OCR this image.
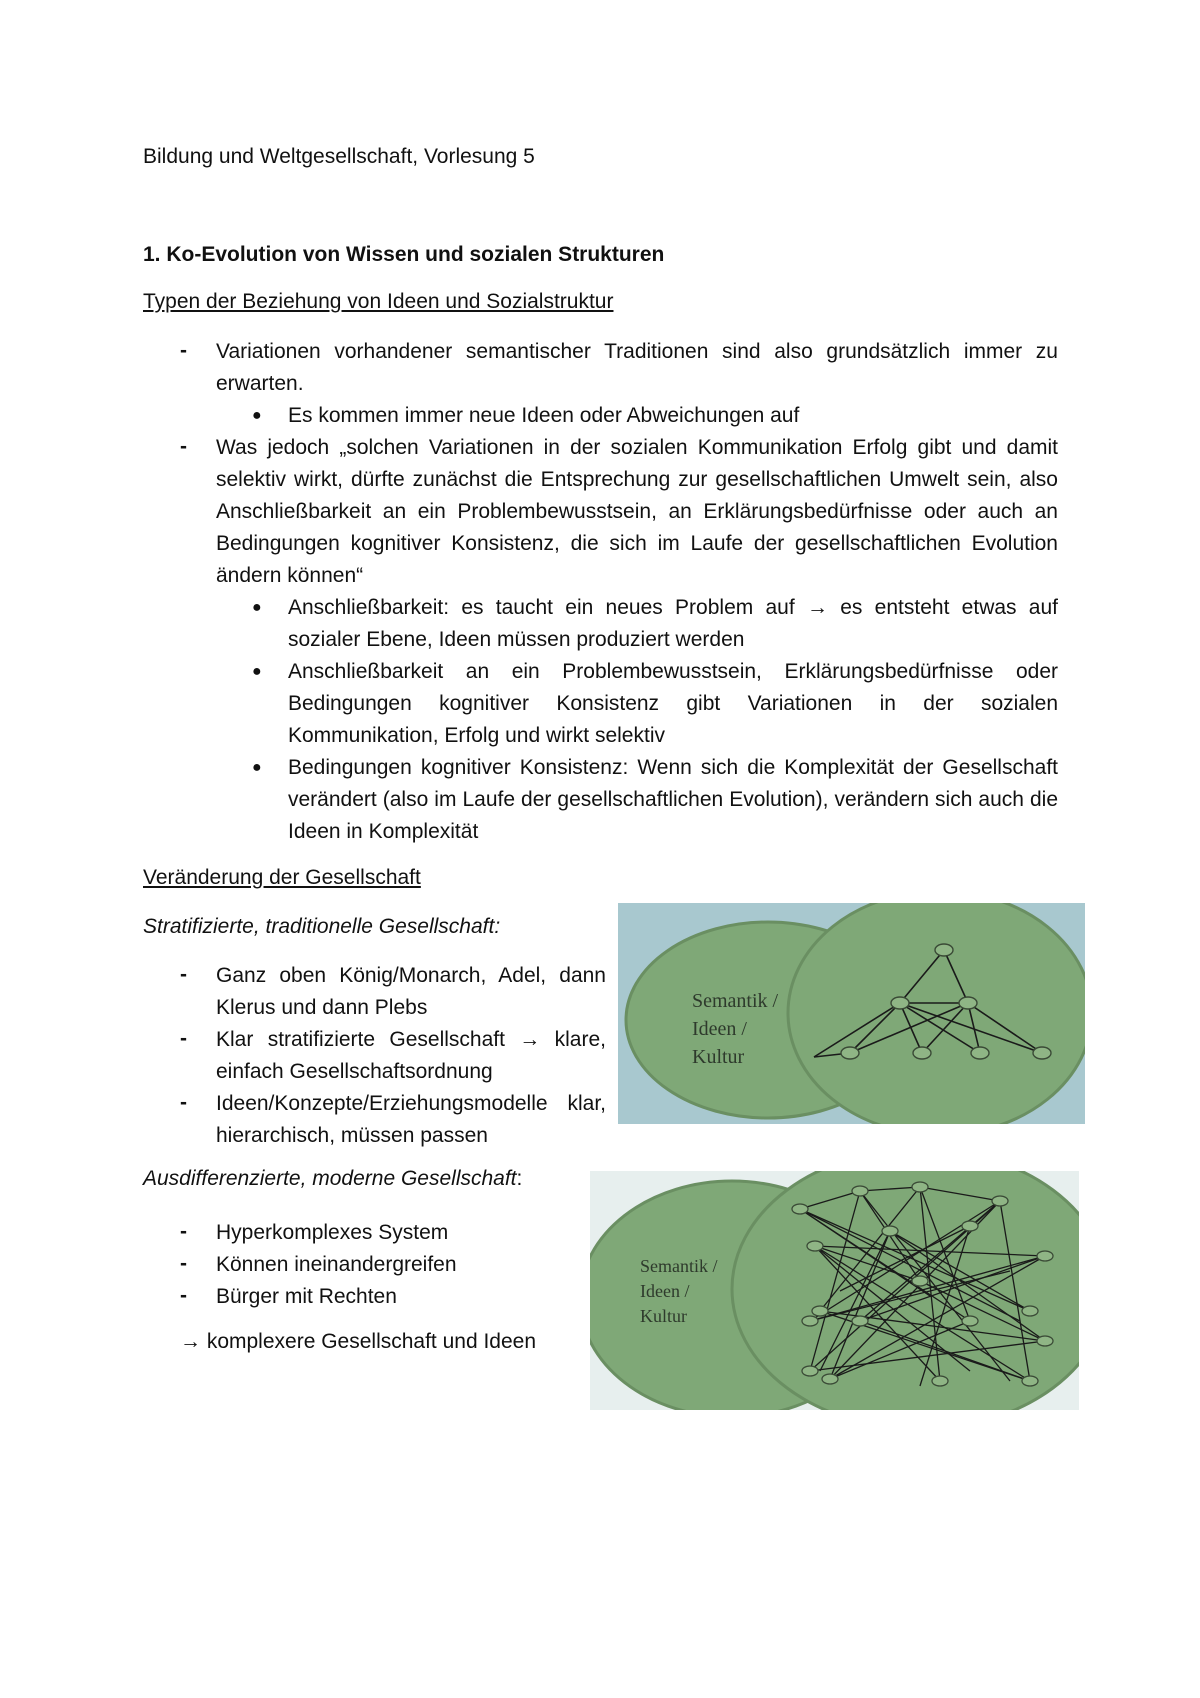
Bildung und Weltgesellschaft, Vorlesung 5
1. Ko-Evolution von Wissen und sozialen Strukturen
Typen der Beziehung von Ideen und Sozialstruktur
- Variationen vorhandener semantischer Traditionen sind also grundsätzlich immer zu erwarten.

● Es kommen immer neue Ideen oder Abweichungen auf

- Was jedoch „solchen Variationen in der sozialen Kommunikation Erfolg gibt und damit selektiv wirkt, dürfte zunächst die Entsprechung zur gesellschaftlichen Umwelt sein, also Anschließbarkeit an ein Problembewusstsein, an Erklärungsbedürfnisse oder auch an Bedingungen kognitiver Konsistenz, die sich im Laufe der gesellschaftlichen Evolution ändern können“

● Anschließbarkeit: es taucht ein neues Problem auf → es entsteht etwas auf sozialer Ebene, Ideen müssen produziert werden

● Anschließbarkeit an ein Problembewusstsein, Erklärungsbedürfnisse oder Bedingungen kognitiver Konsistenz gibt Variationen in der sozialen Kommunikation, Erfolg und wirkt selektiv

● Bedingungen kognitiver Konsistenz: Wenn sich die Komplexität der Gesellschaft verändert (also im Laufe der gesellschaftlichen Evolution), verändern sich auch die Ideen in Komplexität

Veränderung der Gesellschaft
Stratifizierte, traditionelle Gesellschaft:
- Ganz oben König/Monarch, Adel, dann Klerus und dann Plebs

- Klar stratifizierte Gesellschaft → klare, einfach Gesellschaftsordnung

- Ideen/Konzepte/Erziehungsmodelle klar, hierarchisch, müssen passen

Ausdifferenzierte, moderne Gesellschaft:
- Hyperkomplexes System

- Können ineinandergreifen

- Bürger mit Rechten

→ komplexere Gesellschaft und Ideen
Semantik /
Ideen /
Kultur
Semantik /
Ideen /
Kultur
